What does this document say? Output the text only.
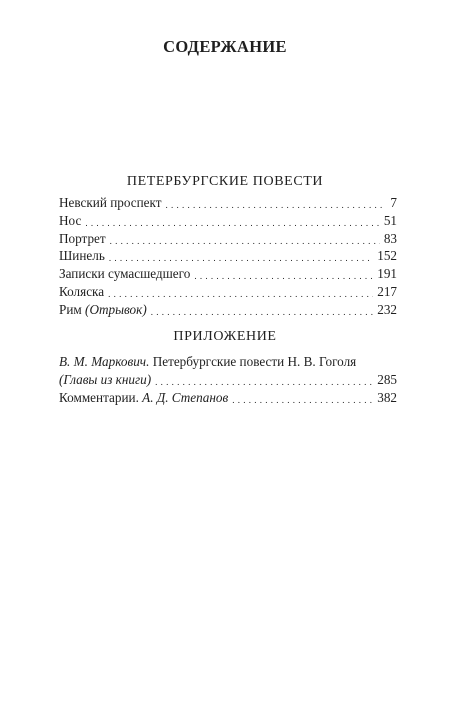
СОДЕРЖАНИЕ
ПЕТЕРБУРГСКИЕ ПОВЕСТИ
Невский проспект . . .	7
Нос . . .	51
Портрет . . .	83
Шинель . . .	152
Записки сумасшедшего . . .	191
Коляска . . .	217
Рим (Отрывок) . . .	232
ПРИЛОЖЕНИЕ
В. М. Маркович. Петербургские повести Н. В. Гоголя
(Главы из книги) . . .	285
Комментарии. А. Д. Степанов . . .	382
